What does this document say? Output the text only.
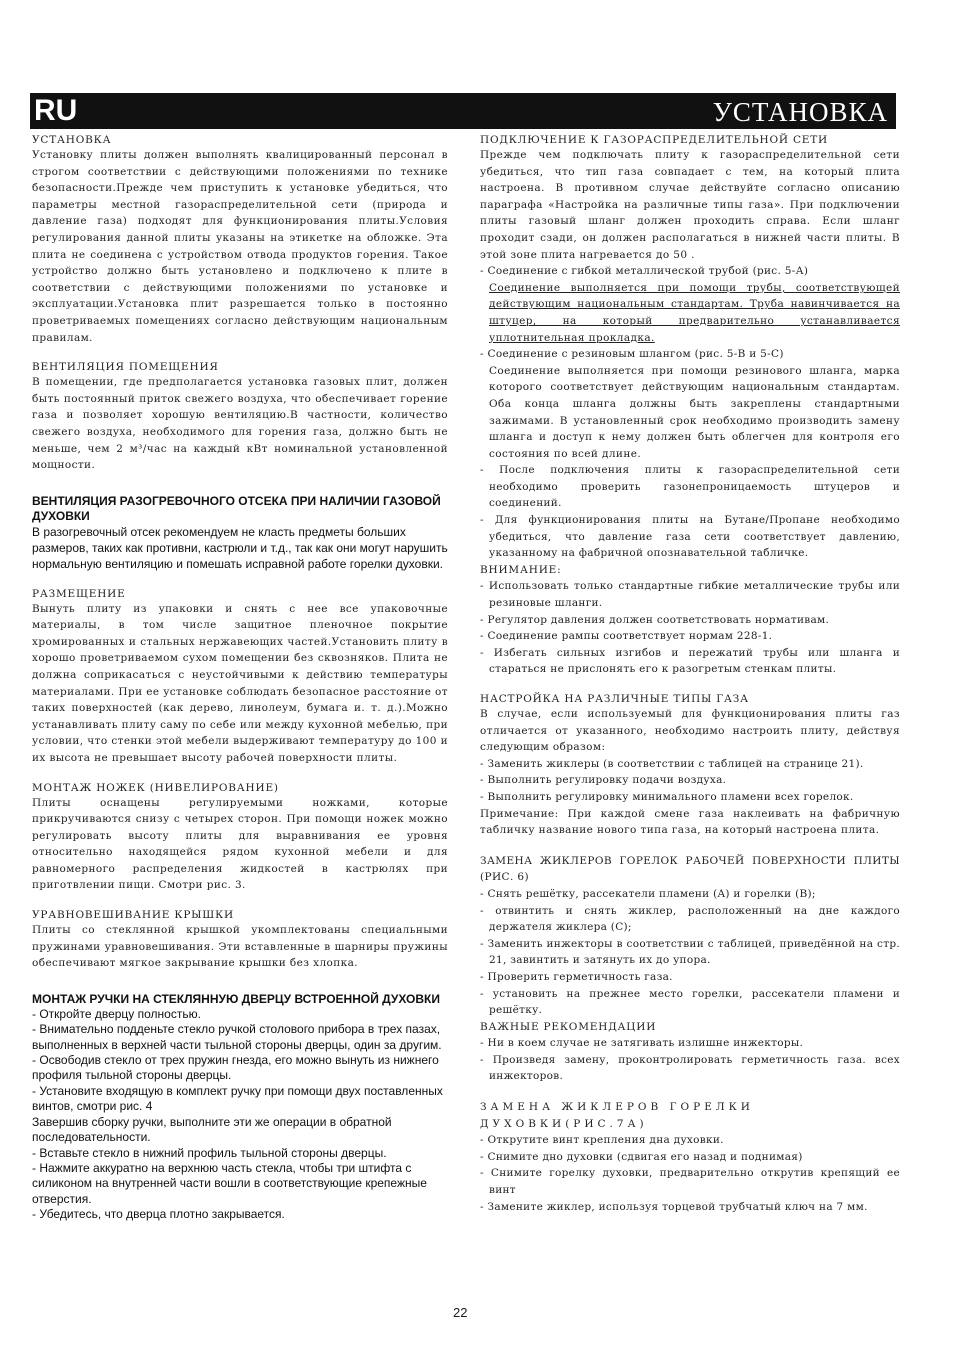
RU	УСТАНОВКА
УСТАНОВКА

Установку плиты должен выполнять квалицированный персонал в строгом соответствии с действующими положениями по технике безопасности.Прежде чем приступить к установке убедиться, что параметры местной газораспределительной сети (природа и давление газа) подходят для функционирования плиты.Условия регулирования данной плиты указаны на этикетке на обложке. Эта плита не соединена с устройством отвода продуктов горения. Такое устройство должно быть установлено и подключено к плите в соответствии с действующими положениями по установке и эксплуатации.Установка плит разрешается только в постоянно проветриваемых помещениях согласно действующим национальным правилам.

ВЕНТИЛЯЦИЯ ПОМЕЩЕНИЯ

В помещении, где предполагается установка газовых плит, должен быть постоянный приток свежего воздуха, что обеспечивает горение газа и позволяет хорошую вентиляцию.В частности, количество свежего воздуха, необходимого для горения газа, должно быть не меньше, чем 2 м³/час на каждый кВт номинальной установленной мощности.

ВЕНТИЛЯЦИЯ РАЗОГРЕВОЧНОГО ОТСЕКА ПРИ НАЛИЧИИ ГАЗОВОЙ ДУХОВКИ

В разогревочный отсек рекомендуем не класть предметы больших размеров, таких как противни, кастрюли и т.д., так как они могут нарушить нормальную вентиляцию и помешать исправной работе горелки духовки.

РАЗМЕЩЕНИЕ

Вынуть плиту из упаковки и снять с нее все упаковочные материалы, в том числе защитное пленочное покрытие хромированных и стальных нержавеющих частей.Установить плиту в хорошо проветриваемом сухом помещении без сквозняков. Плита не должна соприкасаться с неустойчивыми к действию температуры материалами. При ее установке соблюдать безопасное расстояние от таких поверхностей (как дерево, линолеум, бумага и. т. д.).Можно устанавливать плиту саму по себе или между кухонной мебелью, при условии, что стенки этой мебели выдерживают температуру до 100 и их высота не превышает высоту рабочей поверхности плиты.

МОНТАЖ НОЖЕК (НИВЕЛИРОВАНИЕ)

Плиты оснащены регулируемыми ножками, которые прикручиваются снизу с четырех сторон. При помощи ножек можно регулировать высоту плиты для выравнивания ее уровня относительно находящейся рядом кухонной мебели и для равномерного распределения жидкостей в кастрюлях при приготвлении пищи. Смотри рис. 3.

УРАВНОВЕШИВАНИЕ КРЫШКИ

Плиты со стеклянной крышкой укомплектованы специальными пружинами уравновешивания. Эти вставленные в шарниры пружины обеспечивают мягкое закрывание крышки без хлопка.

МОНТАЖ РУЧКИ НА СТЕКЛЯННУЮ ДВЕРЦУ ВСТРОЕННОЙ ДУХОВКИ
- Откройте дверцу полностью.
- Внимательно подденьте стекло ручкой столового прибора в трех пазах, выполненных в верхней части тыльной стороны дверцы, один за другим.
- Освободив стекло от трех пружин гнезда, его можно вынуть из нижнего профиля тыльной стороны дверцы.
- Установите входящую в комплект ручку при помощи двух поставленных винтов, смотри рис. 4
Завершив сборку ручки, выполните эти же операции в обратной последовательности.
- Вставьте стекло в нижний профиль тыльной стороны дверцы.
- Нажмите аккуратно на верхнюю часть стекла, чтобы три штифта с силиконом на внутренней части вошли в соответствующие крепежные отверстия.
- Убедитесь, что дверца плотно закрывается.
ПОДКЛЮЧЕНИЕ К ГАЗОРАСПРЕДЕЛИТЕЛЬНОЙ СЕТИ

Прежде чем подключать плиту к газораспределительной сети убедиться, что тип газа совпадает с тем, на который плита настроена. В противном случае действуйте согласно описанию параграфа «Настройка на различные типы газа». При подключении плиты газовый шланг должен проходить справа. Если шланг проходит сзади, он должен располагаться в нижней части плиты. В этой зоне плита нагревается до 50 .

- Соединение с гибкой металлической трубой (рис. 5-А)

Соединение выполняется при помощи трубы, соответствующей действующим национальным стандартам. Труба навинчивается на штуцер, на который предварительно устанавливается уплотнительная прокладка.

- Соединение с резиновым шлангом (рис. 5-В и 5-С)

Соединение выполняется при помощи резинового шланга, марка которого соответствует действующим национальным стандартам. Оба конца шланга должны быть закреплены стандартными зажимами. В установленный срок необходимо производить замену шланга и доступ к нему должен быть облегчен для контроля его состояния по всей длине.

- После подключения плиты к газораспределительной сети необходимо проверить газонепроницаемость штуцеров и соединений.
- Для функционирования плиты на Бутане/Пропане необходимо убедиться, что давление газа сети соответствует давлению, указанному на фабричной опознавательной табличке.
ВНИМАНИЕ:
- Использовать только стандартные гибкие металлические трубы или резиновые шланги.
- Регулятор давления должен соответствовать нормативам.
- Соединение рампы соответствует нормам 228-1.
- Избегать сильных изгибов и пережатий трубы или шланга и стараться не прислонять его к разогретым стенкам плиты.
НАСТРОЙКА НА РАЗЛИЧНЫЕ ТИПЫ ГАЗА

В случае, если используемый для функционирования плиты газ отличается от указанного, необходимо настроить плиту, действуя следующим образом:

- Заменить жиклеры (в соответствии с таблицей на странице 21).
- Выполнить регулировку подачи воздуха.
- Выполнить регулировку минимального пламени всех горелок.

Примечание: При каждой смене газа наклеивать на фабричную табличку название нового типа газа, на который настроена плита.

ЗАМЕНА ЖИКЛЕРОВ ГОРЕЛОК РАБОЧЕЙ ПОВЕРХНОСТИ ПЛИТЫ (РИС. 6)

- Снять решётку, рассекатели пламени (A) и горелки (B);
- отвинтить и снять жиклер, расположенный на дне каждого держателя жиклера (C);
- Заменить инжекторы в соответствии с таблицей, приведённой на стр. 21, завинтить и затянуть их до упора.
- Проверить герметичность газа.
- установить на прежнее место горелки, рассекатели пламени и решётку.
ВАЖНЫЕ РЕКОМЕНДАЦИИ
- Ни в коем случае не затягивать излишне инжекторы.
- Произведя замену, проконтролировать герметичность газа. всех инжекторов.
ЗАМЕНА ЖИКЛЕРОВ ГОРЕЛКИ ДУХОВКИ(РИС.7А)
- Открутите винт крепления дна духовки.
- Снимите дно духовки (сдвигая его назад и поднимая)
- Снимите горелку духовки, предварительно открутив крепящий ее винт
- Замените жиклер, используя торцевой трубчатый ключ на 7 мм.
22
